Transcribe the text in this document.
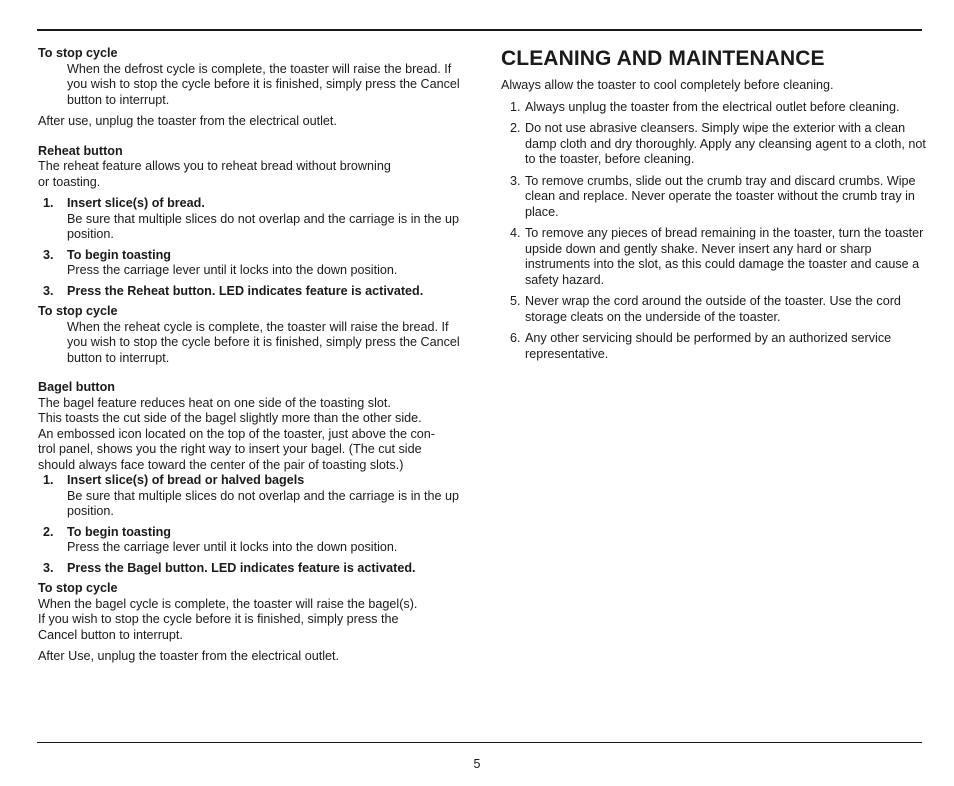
To stop cycle

When the defrost cycle is complete, the toaster will raise the bread. If you wish to stop the cycle before it is finished, simply press the Cancel button to interrupt.

After use, unplug the toaster from the electrical outlet.

Reheat button

The reheat feature allows you to reheat bread without browning

or toasting.

1. Insert slice(s) of bread.

Be sure that multiple slices do not overlap and the carriage is in the up position.

3. To begin toasting

Press the carriage lever until it locks into the down position.

3. Press the Reheat button. LED indicates feature is activated.

To stop cycle

When the reheat cycle is complete, the toaster will raise the bread. If you wish to stop the cycle before it is finished, simply press the Cancel button to interrupt.

Bagel button

The bagel feature reduces heat on one side of the toasting slot.

This toasts the cut side of the bagel slightly more than the other side.

An embossed icon located on the top of the toaster, just above the con-

trol panel, shows you the right way to insert your bagel. (The cut side

should always face toward the center of the pair of toasting slots.)

1. Insert slice(s) of bread or halved bagels

Be sure that multiple slices do not overlap and the carriage is in the up position.

2. To begin toasting

Press the carriage lever until it locks into the down position.

3. Press the Bagel button. LED indicates feature is activated.

To stop cycle

When the bagel cycle is complete, the toaster will raise the bagel(s).

If you wish to stop the cycle before it is finished, simply press the

Cancel button to interrupt.

After Use, unplug the toaster from the electrical outlet.

CLEANING AND MAINTENANCE

Always allow the toaster to cool completely before cleaning.

1. Always unplug the toaster from the electrical outlet before cleaning.
2. Do not use abrasive cleansers. Simply wipe the exterior with a clean damp cloth and dry thoroughly. Apply any cleansing agent to a cloth, not to the toaster, before cleaning.
3. To remove crumbs, slide out the crumb tray and discard crumbs. Wipe clean and replace. Never operate the toaster without the crumb tray in place.
4. To remove any pieces of bread remaining in the toaster, turn the toaster upside down and gently shake. Never insert any hard or sharp instruments into the slot, as this could damage the toaster and cause a safety hazard.
5. Never wrap the cord around the outside of the toaster. Use the cord storage cleats on the underside of the toaster.
6. Any other servicing should be performed by an authorized service representative.
5
